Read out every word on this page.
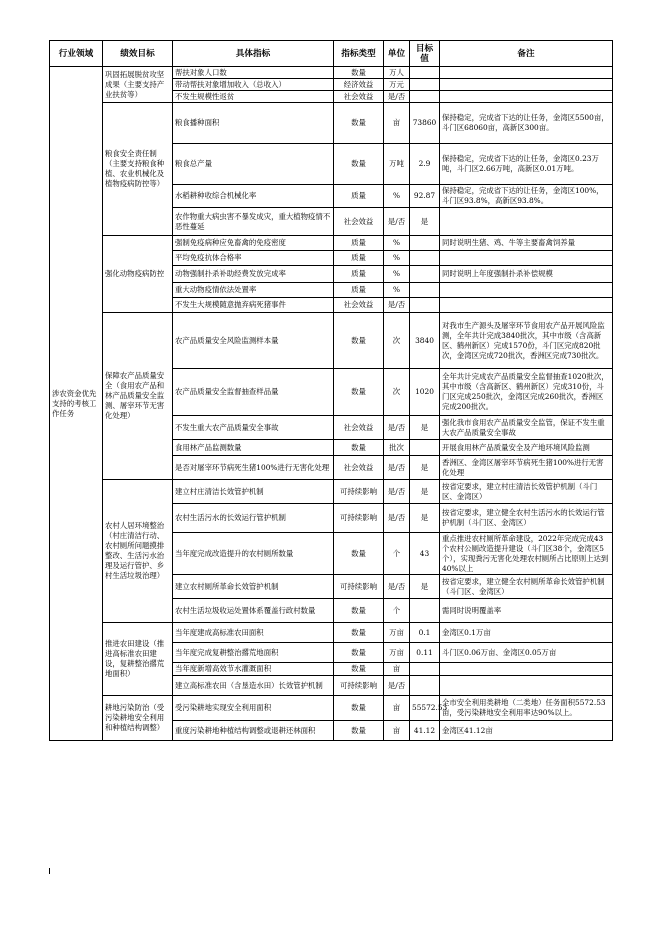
行业领域	绩效目标	具体指标	指标类型	单位	目标值	备注
涉农资金优先支持的考核工作任务	巩固拓展脱贫攻坚成果（主要支持产业扶贫等）	帮扶对象人口数	数量	万人		
		带动帮扶对象增加收入（总收入）	经济效益	万元		
		不发生规模性返贫	社会效益	是/否		
	粮食安全责任制（主要支持粮食种植、农业机械化及植物疫病防控等）	粮食播种面积	数量	亩	73860	保持稳定，完成省下达的让任务，金湾区5500亩，斗门区68060亩，高新区300亩。
		粮食总产量	数量	万吨	2.9	保持稳定，完成省下达的让任务，金湾区0.23万吨，斗门区2.66万吨，高新区0.01万吨。
		水稻耕种收综合机械化率	质量	%	92.87	保持稳定，完成省下达的让任务，金湾区100%，斗门区93.8%，高新区93.8%。
		农作物重大病虫害不暴发成灾，重大植物疫情不恶性蔓延	社会效益	是/否	是	
	强化动物疫病防控	强制免疫病种应免畜禽的免疫密度	质量	%		同时说明生猪、鸡、牛等主要畜禽饲养量
		平均免疫抗体合格率	质量	%		
		动物强制扑杀补助经费发放完成率	质量	%		同时说明上年度强制扑杀补偿规模
		重大动物疫情依法处置率	质量	%		
		不发生大规模随意抛弃病死猪事件	社会效益	是/否		
	保障农产品质量安全（食用农产品和林产品质量安全监测、屠宰环节无害化处理）	农产品质量安全风险监测样本量	数量	次	3840	对我市生产源头及屠宰环节食用农产品开展风险监测，全年共计完成3840批次，其中市级（含高新区、鹤州新区）完成1570份，斗门区完成820批次，金湾区完成720批次，香洲区完成730批次。
		农产品质量安全监督抽查样品量	数量	次	1020	全年共计完成农产品质量安全监督抽查1020批次，其中市级（含高新区、鹤州新区）完成310份，斗门区完成250批次，金湾区完成260批次，香洲区完成200批次。
		不发生重大农产品质量安全事故	社会效益	是/否	是	强化我市食用农产品质量安全监管，保证不发生重大农产品质量安全事故
		食用林产品监测数量	数量	批次		开展食用林产品质量安全及产地环境风险监测
		是否对屠宰环节病死生猪100%进行无害化处理	社会效益	是/否	是	香洲区、金湾区屠宰环节病死生猪100%进行无害化处理
	农村人居环境整治（村庄清洁行动、农村厕所问题摸排整改、生活污水治理及运行管护、乡村生活垃圾治理）	建立村庄清洁长效管护机制	可持续影响	是/否	是	按省定要求，建立村庄清洁长效管护机制（斗门区、金湾区）
		农村生活污水的长效运行管护机制	可持续影响	是/否	是	按省定要求，建立健全农村生活污水的长效运行管护机制（斗门区、金湾区）
		当年度完成改造提升的农村厕所数量	数量	个	43	重点推进农村厕所革命建设，2022年完成完成43个农村公厕改造提升建设（斗门区38个，金湾区5个），实现粪污无害化处理农村厕所占比原则上达到40%以上
		建立农村厕所革命长效管护机制	可持续影响	是/否	是	按省定要求，建立健全农村厕所革命长效管护机制（斗门区、金湾区）
		农村生活垃圾收运处置体系覆盖行政村数量	数量	个		需同时说明覆盖率
	推进农田建设（推进高标准农田建设，复耕整治撂荒地面积）	当年度建成高标准农田面积	数量	万亩	0.1	金湾区0.1万亩
		当年度完成复耕整治撂荒地面积	数量	万亩	0.11	斗门区0.06万亩、金湾区0.05万亩
		当年度新增高效节水灌溉面积	数量	亩		
		建立高标准农田（含垦造水田）长效管护机制	可持续影响	是/否		
	耕地污染防治（受污染耕地安全利用和种植结构调整）	受污染耕地实现安全利用面积	数量	亩	55572.53	全市安全利用类耕地（二类地）任务面积5572.53亩，受污染耕地安全利用率达90%以上。
		重度污染耕地种植结构调整或退耕还林面积	数量	亩	41.12	金湾区41.12亩
